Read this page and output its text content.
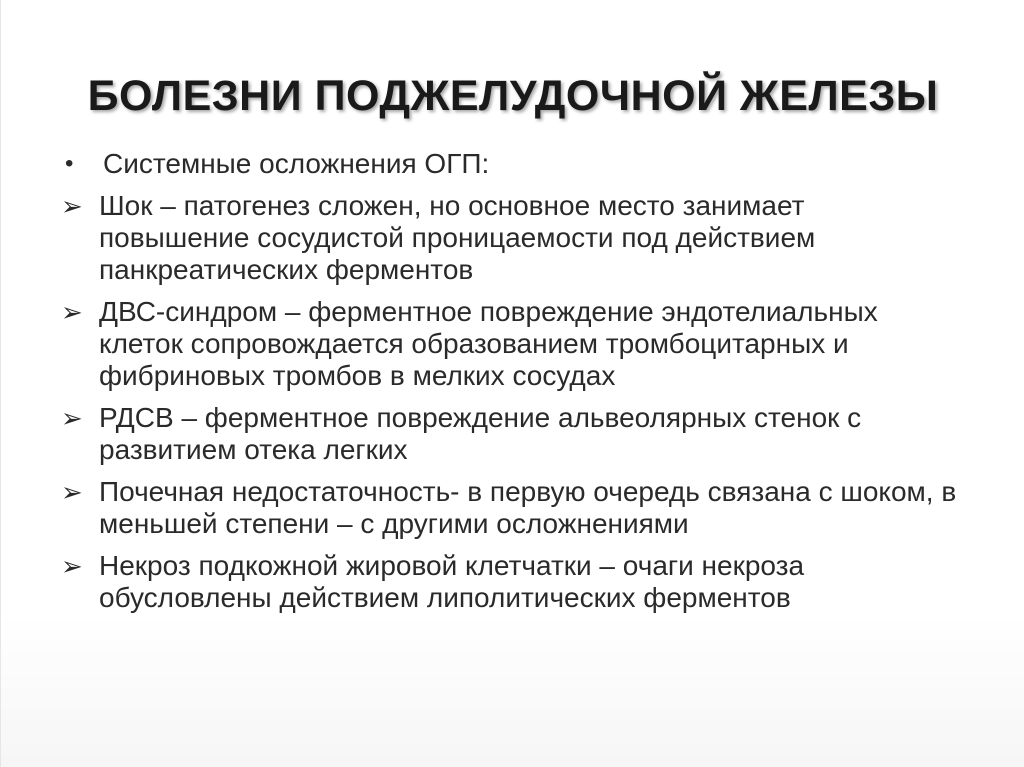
БОЛЕЗНИ ПОДЖЕЛУДОЧНОЙ ЖЕЛЕЗЫ
•	Системные осложнения ОГП:
➢ Шок – патогенез сложен, но основное место занимает повышение сосудистой проницаемости под действием панкреатических ферментов
➢ ДВС-синдром – ферментное повреждение эндотелиальных клеток сопровождается образованием тромбоцитарных и фибриновых тромбов в мелких сосудах
➢ РДСВ – ферментное повреждение альвеолярных стенок с развитием отека легких
➢ Почечная недостаточность- в первую очередь связана с шоком, в меньшей степени – с другими осложнениями
➢ Некроз подкожной жировой клетчатки – очаги некроза обусловлены действием липолитических ферментов
